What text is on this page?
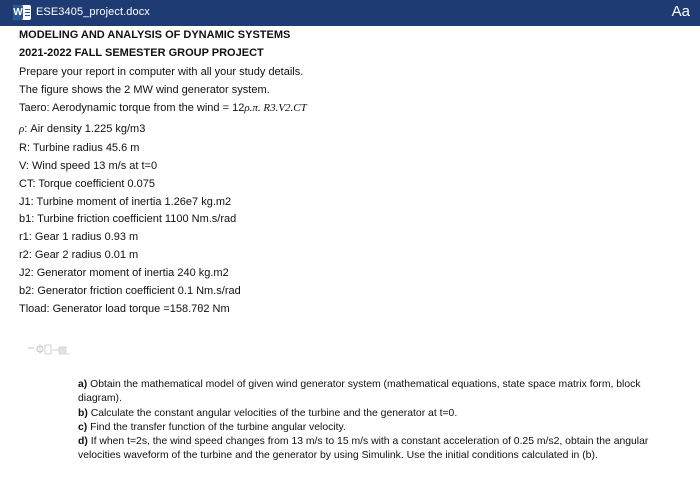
W ESE3405_project.docx	Aa
MODELING AND ANALYSIS OF DYNAMIC SYSTEMS
2021-2022 FALL SEMESTER GROUP PROJECT
Prepare your report in computer with all your study details.
The figure shows the 2 MW wind generator system.
Taero: Aerodynamic torque from the wind = 12ρ.π. R3.V2.CT
ρ: Air density 1.225 kg/m3
R: Turbine radius 45.6 m
V: Wind speed 13 m/s at t=0
CT: Torque coefficient 0.075
J1: Turbine moment of inertia 1.26e7 kg.m2
b1: Turbine friction coefficient 1100 Nm.s/rad
r1: Gear 1 radius 0.93 m
r2: Gear 2 radius 0.01 m
J2: Generator moment of inertia 240 kg.m2
b2: Generator friction coefficient 0.1 Nm.s/rad
Tload: Generator load torque =158.7θ2 Nm

a) Obtain the mathematical model of given wind generator system (mathematical equations, state space matrix form, block diagram).

b) Calculate the constant angular velocities of the turbine and the generator at t=0.

c) Find the transfer function of the turbine angular velocity.

d) If when t=2s, the wind speed changes from 13 m/s to 15 m/s with a constant acceleration of 0.25 m/s2, obtain the angular velocities waveform of the turbine and the generator by using Simulink. Use the initial conditions calculated in (b).
